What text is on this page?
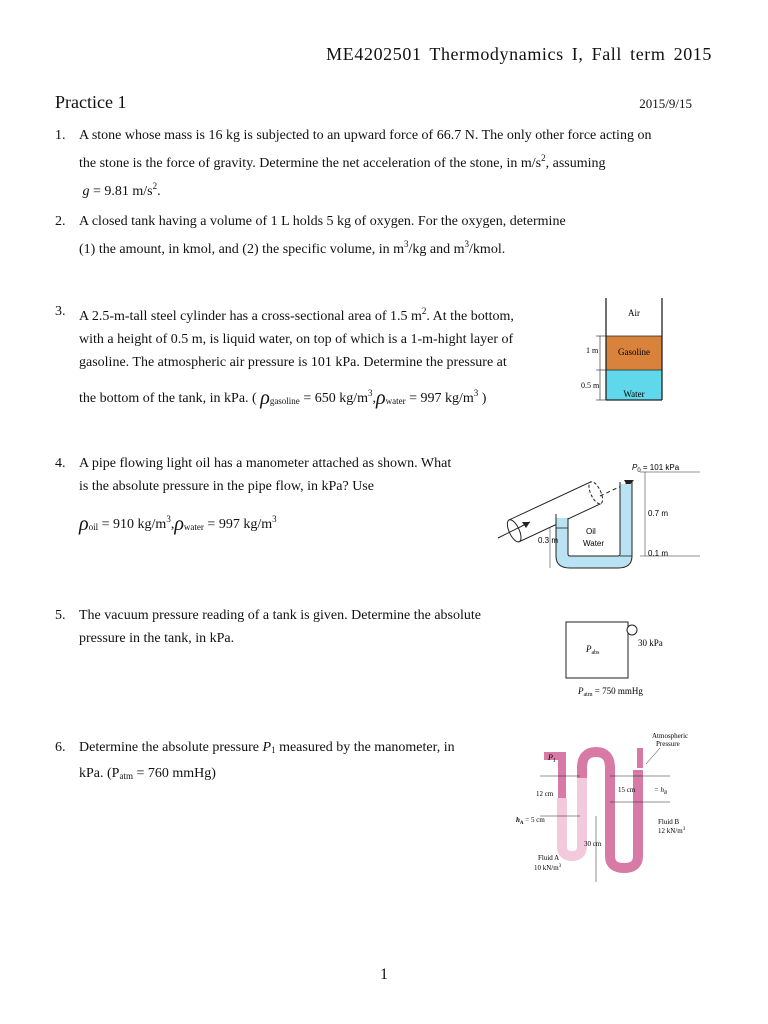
ME4202501 Thermodynamics I, Fall term 2015
Practice 1	2015/9/15
1. A stone whose mass is 16 kg is subjected to an upward force of 66.7 N. The only other force acting on
the stone is the force of gravity. Determine the net acceleration of the stone, in $m/s^2$, assuming
g = 9.81 $m/s^2$.
2. A closed tank having a volume of 1 L holds 5 kg of oxygen. For the oxygen, determine
(1) the amount, in kmol, and (2) the specific volume, in $m^3/kg$ and $m^3$/kmol.
3. A 2.5-m-tall steel cylinder has a cross-sectional area of 1.5 $m^2$. At the bottom,
with a height of 0.5 m, is liquid water, on top of which is a 1-m-hight layer of
gasoline. The atmospheric air pressure is 101 kPa. Determine the pressure at
the bottom of the tank, in kPa. ( $\rho_{gasoline} = 650$ $kg/m^3,\rho_{water} = 997$ $kg/m^3$ )
Air
Gasoline
Water
1 m
0.5 m
4. A pipe flowing light oil has a manometer attached as shown. What
is the absolute pressure in the pipe flow, in kPa? Use
$\rho_{oil} = 910$ $kg/m^3,\rho_{water} = 997$ $kg/m^3$
$P_0 = 101$ kPa
0.7 m
0.1 m
0.3 m
Oil
Water
5. The vacuum pressure reading of a tank is given. Determine the absolute
pressure in the tank, in kPa.
$P_{abs}$
30 kPa
$P_{atm} = 750$ mmHg
6. Determine the absolute pressure $P_1$ measured by the manometer, in
kPa. ($P_{atm} = 760$ mmHg)
Atmospheric
Pressure
$P_1$
12 cm	15 cm	= $h_B$
$h_A = 5$ cm
30 cm
Fluid A
10 $kN/m^3$
Fluid B
12 $kN/m^3$
1
